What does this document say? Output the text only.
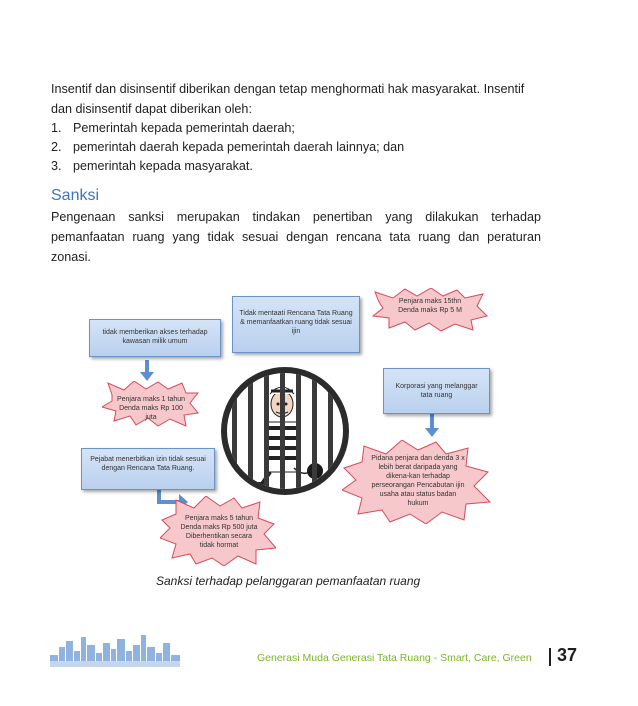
Insentif dan disinsentif diberikan dengan tetap menghormati hak masyarakat. Insentif dan disinsentif dapat diberikan oleh:
1. Pemerintah kepada pemerintah daerah;
2. pemerintah daerah kepada pemerintah daerah lainnya; dan
3. pemerintah kepada masyarakat.
Sanksi
Pengenaan sanksi merupakan tindakan penertiban yang dilakukan terhadap pemanfaatan ruang yang tidak sesuai dengan rencana tata ruang dan peraturan zonasi.
tidak memberikan akses terhadap kawasan milik umum
Tidak mentaati Rencana Tata Ruang & memanfaatkan ruang tidak sesuai ijin
Korporasi yang melanggar tata ruang
Pejabat menerbitkan izin tidak sesuai dengan Rencana Tata Ruang.
Penjara maks 15thn Denda maks Rp 5 M
Penjara maks 1 tahun Denda maks Rp 100 juta
Pidana penjara dan denda 3 x lebih berat daripada yang dikena-kan terhadap perseorangan Pencabutan ijin usaha atau status badan hukum
Penjara maks 5 tahun Denda maks Rp 500 juta Diberhentikan secara tidak hormat
Sanksi terhadap pelanggaran pemanfaatan ruang
Generasi Muda Generasi Tata Ruang - Smart, Care, Green 37
